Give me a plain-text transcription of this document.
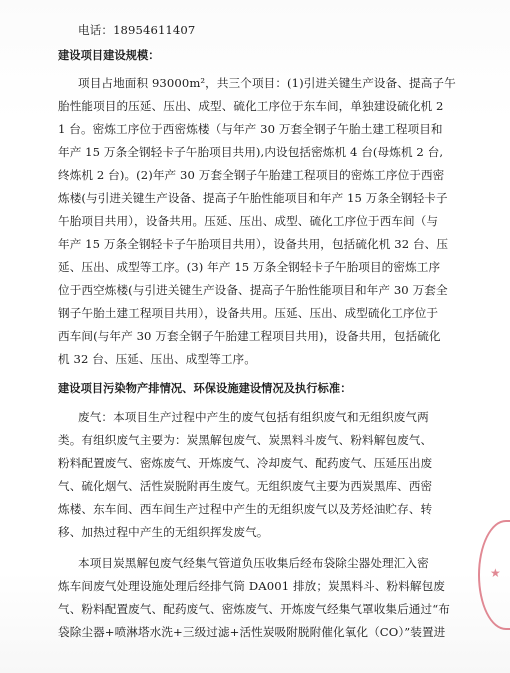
电话：18954611407
建设项目建设规模：
项目占地面积 93000m²，共三个项目：(1)引进关键生产设备、提高子午
胎性能项目的压延、压出、成型、硫化工序位于东车间，单独建设硫化机 2
1 台。密炼工序位于西密炼楼（与年产 30 万套全钢子午胎土建工程项目和
年产 15 万条全钢轻卡子午胎项目共用),内设包括密炼机 4 台(母炼机 2 台,
终炼机 2 台)。(2)年产 30 万套全钢子午胎建工程项目的密炼工序位于西密
炼楼(与引进关键生产设备、提高子午胎性能项目和年产 15 万条全钢轻卡子
午胎项目共用），设备共用。压延、压出、成型、硫化工序位于西车间（与
年产 15 万条全钢轻卡子午胎项目共用），设备共用，包括硫化机 32 台、压
延、压出、成型等工序。(3) 年产 15 万条全钢轻卡子午胎项目的密炼工序
位于西空炼楼(与引进关键生产设备、提高子午胎性能项目和年产 30 万套全
钢子午胎土建工程项目共用），设备共用。压延、压出、成型硫化工序位于
西车间(与年产 30 万套全钢子午胎建工程项目共用)，设备共用，包括硫化
机 32 台、压延、压出、成型等工序。
建设项目污染物产排情况、环保设施建设情况及执行标准：
废气：本项目生产过程中产生的废气包括有组织废气和无组织废气两
类。有组织废气主要为：炭黑解包废气、炭黑料斗废气、粉料解包废气、
粉料配置废气、密炼废气、开炼废气、冷却废气、配药废气、压延压出废
气、硫化烟气、活性炭脱附再生废气。无组织废气主要为西炭黑库、西密
炼楼、东车间、西车间生产过程中产生的无组织废气以及芳烃油贮存、转
移、加热过程中产生的无组织挥发废气。
本项目炭黑解包废气经集气管道负压收集后经布袋除尘器处理汇入密
炼车间废气处理设施处理后经排气筒 DA001 排放；炭黑料斗、粉料解包废
气、粉料配置废气、配药废气、密炼废气、开炼废气经集气罩收集后通过“布
袋除尘器+喷淋塔水洗+三级过滤+活性炭吸附脱附催化氧化（CO）”装置进
★
